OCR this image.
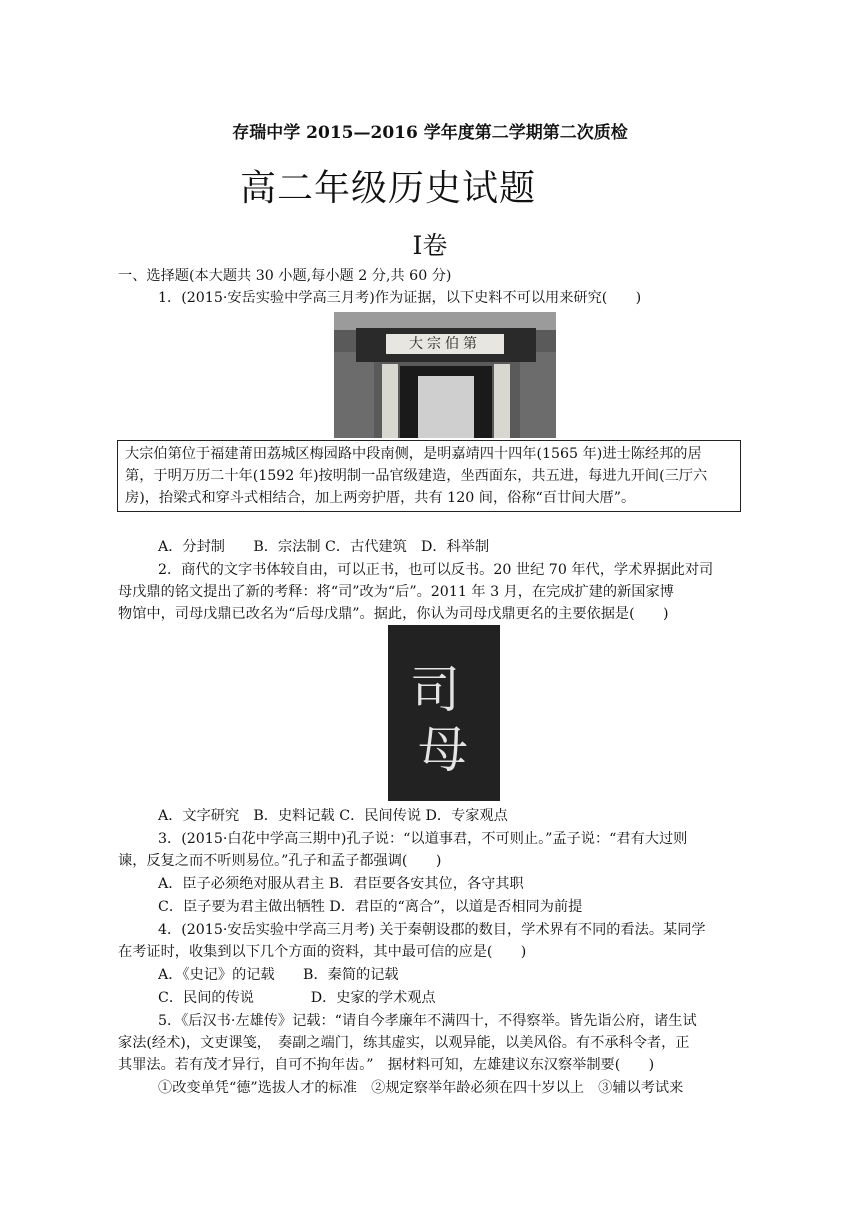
存瑞中学 2015—2016 学年度第二学期第二次质检
高二年级历史试题
Ⅰ卷
一、选择题(本大题共 30 小题,每小题 2 分,共 60 分)
1．(2015·安岳实验中学高三月考)作为证据，以下史料不可以用来研究(　　)
大宗伯第
大宗伯第位于福建莆田荔城区梅园路中段南侧，是明嘉靖四十四年(1565 年)进士陈经邦的居
第，于明万历二十年(1592 年)按明制一品官级建造，坐西面东，共五进，每进九开间(三厅六
房)，抬梁式和穿斗式相结合，加上两旁护厝，共有 120 间，俗称“百廿间大厝”。
A．分封制　　B．宗法制 C．古代建筑　D．科举制
2．商代的文字书体较自由，可以正书，也可以反书。20 世纪 70 年代，学术界据此对司
母戊鼎的铭文提出了新的考释：将“司”改为“后”。2011 年 3 月，在完成扩建的新国家博
物馆中，司母戊鼎已改名为“后母戊鼎”。据此，你认为司母戊鼎更名的主要依据是(　　)
司
母
A．文字研究　B．史料记载 C．民间传说 D．专家观点
3．(2015·白花中学高三期中)孔子说：“以道事君，不可则止。”孟子说：“君有大过则
谏，反复之而不听则易位。”孔子和孟子都强调(　　)
A．臣子必须绝对服从君主 B．君臣要各安其位，各守其职
C．臣子要为君主做出牺牲 D．君臣的“离合”，以道是否相同为前提
4．(2015·安岳实验中学高三月考) 关于秦朝设郡的数目，学术界有不同的看法。某同学
在考证时，收集到以下几个方面的资料，其中最可信的应是(　　)
A．《史记》的记载　　B．秦简的记载
C．民间的传说　　　　D．史家的学术观点
5．《后汉书·左雄传》记载：“请自今孝廉年不满四十，不得察举。皆先诣公府，诸生试
家法(经术)，文吏课笺，　奏副之端门，练其虚实，以观异能，以美风俗。有不承科令者，正
其罪法。若有茂才异行，自可不拘年齿。”　据材料可知，左雄建议东汉察举制要(　　)
①改变单凭“德”选拔人才的标准　②规定察举年龄必须在四十岁以上　③辅以考试来
